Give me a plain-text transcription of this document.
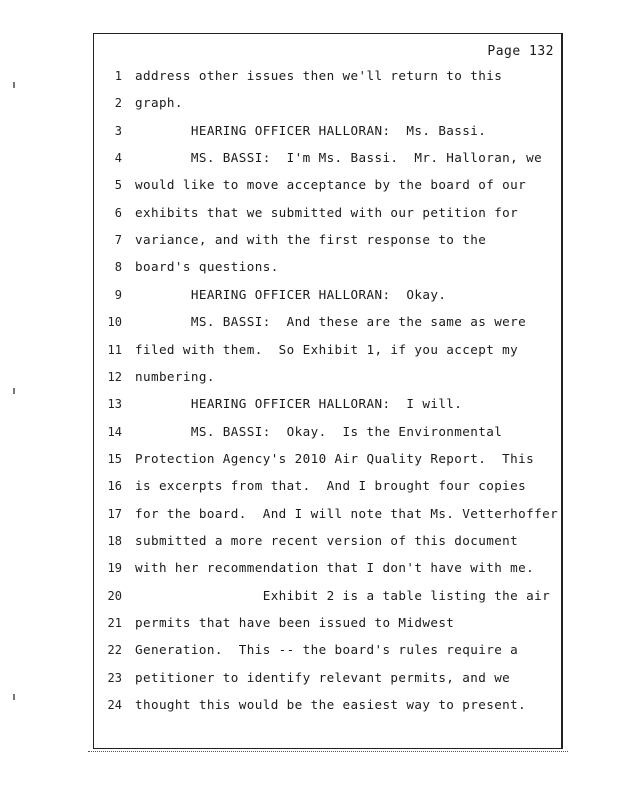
Page 132
1 address other issues then we'll return to this
2 graph.
3 HEARING OFFICER HALLORAN:  Ms. Bassi.
4 MS. BASSI:  I'm Ms. Bassi.  Mr. Halloran, we
5 would like to move acceptance by the board of our
6 exhibits that we submitted with our petition for
7 variance, and with the first response to the
8 board's questions.
9 HEARING OFFICER HALLORAN:  Okay.
10 MS. BASSI:  And these are the same as were
11 filed with them.  So Exhibit 1, if you accept my
12 numbering.
13 HEARING OFFICER HALLORAN:  I will.
14 MS. BASSI:  Okay.  Is the Environmental
15 Protection Agency's 2010 Air Quality Report.  This
16 is excerpts from that.  And I brought four copies
17 for the board.  And I will note that Ms. Vetterhoffer
18 submitted a more recent version of this document
19 with her recommendation that I don't have with me.
20 Exhibit 2 is a table listing the air
21 permits that have been issued to Midwest
22 Generation.  This -- the board's rules require a
23 petitioner to identify relevant permits, and we
24 thought this would be the easiest way to present.
